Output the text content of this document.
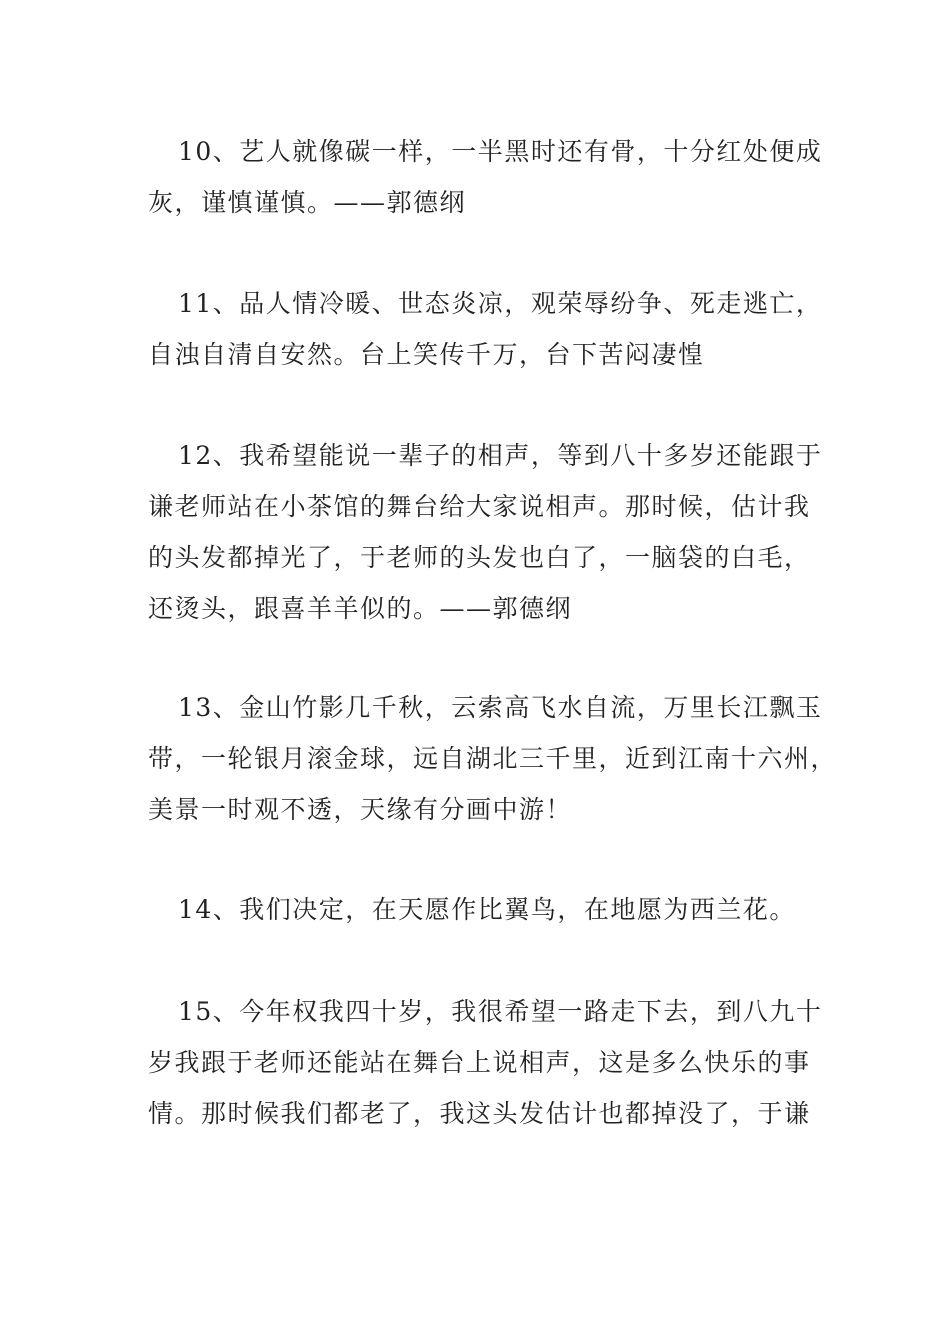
10、艺人就像碳一样，一半黑时还有骨，十分红处便成
灰，谨慎谨慎。——郭德纲
11、品人情冷暖、世态炎凉，观荣辱纷争、死走逃亡，
自浊自清自安然。台上笑传千万，台下苦闷凄惶
12、我希望能说一辈子的相声，等到八十多岁还能跟于
谦老师站在小茶馆的舞台给大家说相声。那时候，估计我
的头发都掉光了，于老师的头发也白了，一脑袋的白毛，
还烫头，跟喜羊羊似的。——郭德纲
13、金山竹影几千秋，云索高飞水自流，万里长江飘玉
带，一轮银月滚金球，远自湖北三千里，近到江南十六州，
美景一时观不透，天缘有分画中游！
14、我们决定，在天愿作比翼鸟，在地愿为西兰花。
15、今年权我四十岁，我很希望一路走下去，到八九十
岁我跟于老师还能站在舞台上说相声，这是多么快乐的事
情。那时候我们都老了，我这头发估计也都掉没了，于谦
